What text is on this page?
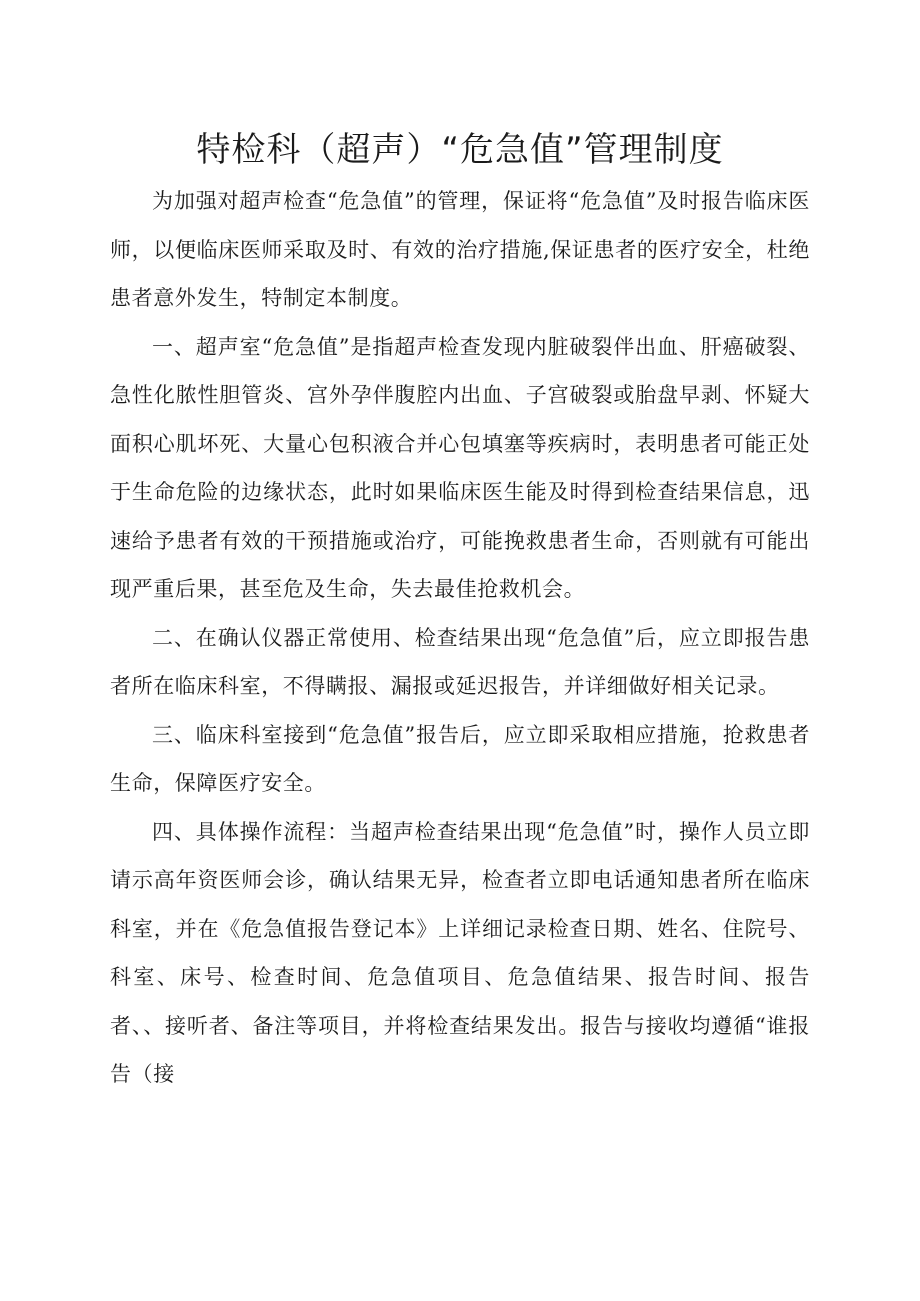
特检科（超声）“危急值”管理制度

为加强对超声检查“危急值”的管理，保证将“危急值”及时报告临床医师，以便临床医师采取及时、有效的治疗措施,保证患者的医疗安全，杜绝患者意外发生，特制定本制度。

一、超声室“危急值”是指超声检查发现内脏破裂伴出血、肝癌破裂、急性化脓性胆管炎、宫外孕伴腹腔内出血、子宫破裂或胎盘早剥、怀疑大面积心肌坏死、大量心包积液合并心包填塞等疾病时，表明患者可能正处于生命危险的边缘状态，此时如果临床医生能及时得到检查结果信息，迅速给予患者有效的干预措施或治疗，可能挽救患者生命，否则就有可能出现严重后果，甚至危及生命，失去最佳抢救机会。

二、在确认仪器正常使用、检查结果出现“危急值”后，应立即报告患者所在临床科室，不得瞒报、漏报或延迟报告，并详细做好相关记录。

三、临床科室接到“危急值”报告后，应立即采取相应措施，抢救患者生命，保障医疗安全。

四、具体操作流程：当超声检查结果出现“危急值”时，操作人员立即请示高年资医师会诊，确认结果无异，检查者立即电话通知患者所在临床科室，并在《危急值报告登记本》上详细记录检查日期、姓名、住院号、科室、床号、检查时间、危急值项目、危急值结果、报告时间、报告者、、接听者、备注等项目，并将检查结果发出。报告与接收均遵循“谁报告（接
